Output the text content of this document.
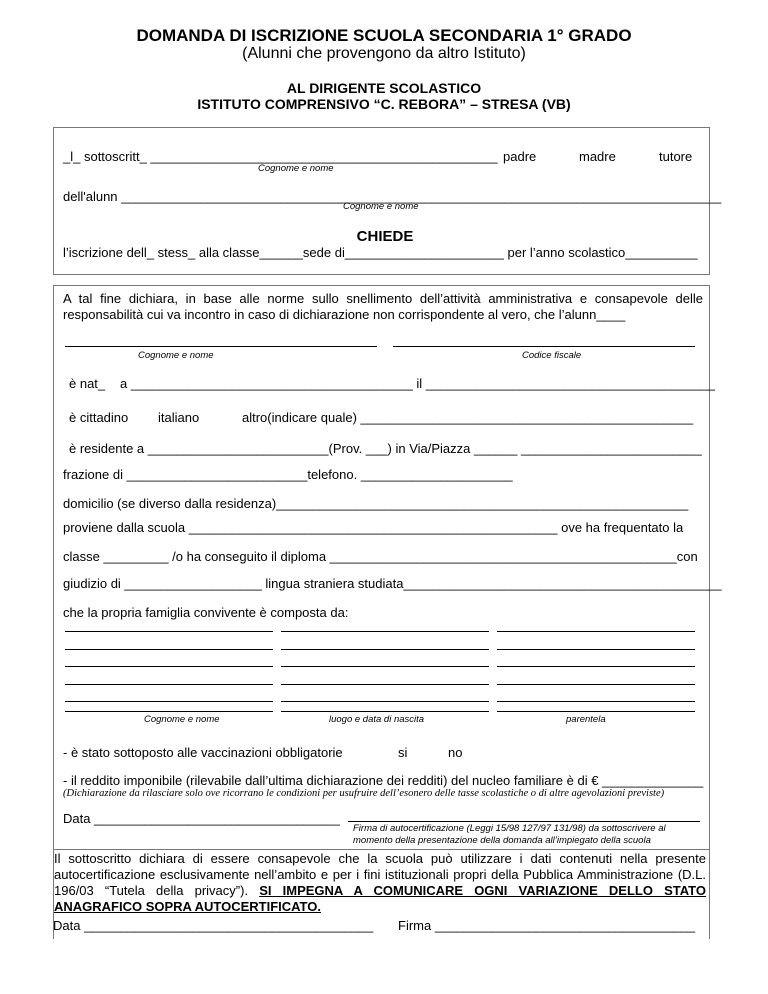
DOMANDA DI ISCRIZIONE SCUOLA SECONDARIA 1° GRADO
(Alunni che provengono da altro Istituto)
AL DIRIGENTE SCOLASTICO
ISTITUTO COMPRENSIVO “C. REBORA” – STRESA (VB)
_l_ sottoscritt_ ________________________________________________ padre	madre	tutore
Cognome e nome
dell'alunn ___________________________________________________________________________________
Cognome e nome
CHIEDE
l’iscrizione dell_ stess_ alla classe______sede di______________________ per l’anno scolastico__________
A tal fine dichiara, in base alle norme sullo snellimento dell’attività amministrativa e consapevole delle responsabilità cui va incontro in caso di dichiarazione non corrispondente al vero, che l’alunn____
Cognome e nome	Codice fiscale
è nat_ a _______________________________________ il ________________________________________
è cittadino italiano	altro(indicare quale) ______________________________________________
è residente a _________________________(Prov. ___) in Via/Piazza ______ _________________________
frazione di _________________________telefono. _____________________
domicilio (se diverso dalla residenza)_________________________________________________________
proviene dalla scuola ___________________________________________________ ove ha frequentato la
classe _________ /o ha conseguito il diploma ________________________________________________con
giudizio di ___________________ lingua straniera studiata____________________________________________
che la propria famiglia convivente è composta da:
Cognome e nome	luogo e data di nascita	parentela
- è stato sottoposto alle vaccinazioni obbligatorie	si	no
- il reddito imponibile (rilevabile dall’ultima dichiarazione dei redditi) del nucleo familiare è di € ______________
(Dichiarazione da rilasciare solo ove ricorrano le condizioni per usufruire dell’esonero delle tasse scolastiche o di altre agevolazioni previste)
Data __________________________________
Firma di autocertificazione (Leggi 15/98 127/97 131/98) da sottoscrivere al
momento della presentazione della domanda all’impiegato della scuola
Il sottoscritto dichiara di essere consapevole che la scuola può utilizzare i dati contenuti nella presente autocertificazione esclusivamente nell’ambito e per i fini istituzionali propri della Pubblica Amministrazione (D.L. 196/03 “Tutela della privacy”). SI IMPEGNA A COMUNICARE OGNI VARIAZIONE DELLO STATO ANAGRAFICO SOPRA AUTOCERTIFICATO.
Data ________________________________________ Firma ____________________________________
